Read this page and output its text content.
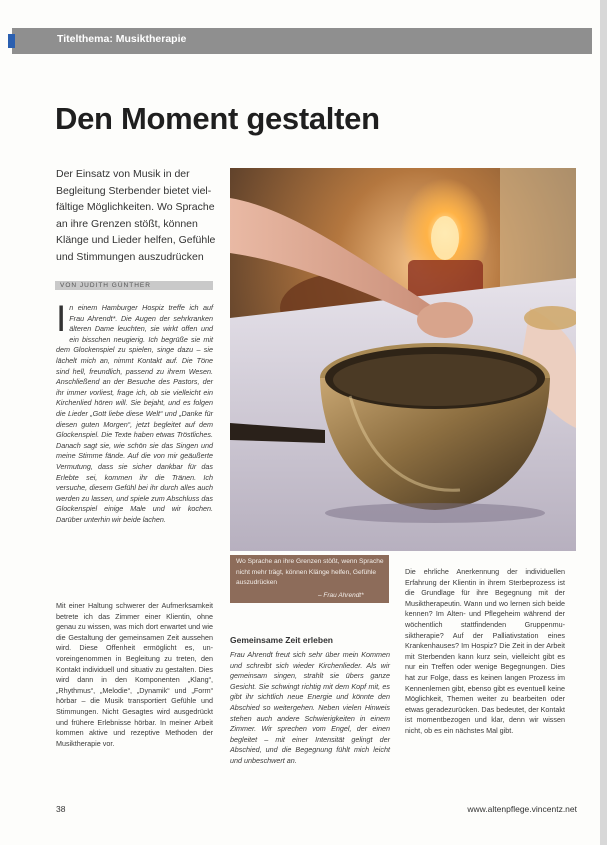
Titelthema: Musiktherapie
Den Moment gestalten
Der Einsatz von Musik in der Begleitung Sterbender bietet vielfältige Möglichkeiten. Wo Sprache an ihre Grenzen stößt, können Klänge und Lieder helfen, Gefühle und Stimmungen auszudrücken
VON JUDITH GÜNTHER

In einem Hamburger Hospiz treffe ich auf Frau Ahrendt*. Die Augen der sehrkranken älteren Dame leuchten, sie wirkt offen und ein bisschen neugierig. Ich begrüße sie mit dem Glockenspiel zu spielen, singe dazu – sie lächelt mich an, nimmt Kontakt auf. Die Töne sind hell, freundlich, passend zu ihrem Wesen. Anschließend an der Besuche des Pastors, der ihr immer vorliest, frage ich, ob sie vielleicht ein Kirchenlied hören will. Sie bejaht, und es folgen die Lieder „Gott liebe diese Welt“ und „Danke für diesen guten Morgen“, jetzt begleitet auf dem Glockenspiel. Die Texte haben etwas Tröstliches. Danach sagt sie, wie schön sie das Singen und meine Stimme fände. Auf die von mir geäußerte Vermutung, dass sie sicher dankbar für das Erlebte sei, kommen ihr die Tränen. Ich versuche, diesem Gefühl bei ihr durch alles auch werden zu lassen, und spiele zum Abschluss das Glockenspiel einige Male und wir kochen. Darüber unterhin wir beide lachen.

Mit einer Haltung schwerer der Aufmerksamkeit betrete ich das Zimmer einer Klientin, ohne genau zu wissen, was mich dort erwartet und wie die Gestaltung der gemeinsamen Zeit aussehen wird. Diese Offenheit ermöglicht es, unvoreingenommen in Begleitung zu treten, den Kontakt individuell und situativ zu gestalten. Dies wird dann in den Komponenten „Klang“, „Rhythmus“, „Melodie“, „Dynamik“ und „Form“ hörbar – die Musik transportiert Gefühle und Stimmungen. Nicht Gesagtes wird ausgedrückt und frühere Erlebnisse hörbar. In meiner Arbeit kommen aktive und rezeptive Methoden der Musiktherapie vor.

Wo Sprache an ihre Grenzen stößt, wenn Sprache nicht mehr trägt, können Klänge helfen, Gefühle auszudrücken
– Frau Ahrendt*
Gemeinsame Zeit erleben

Frau Ahrendt freut sich sehr über mein Kommen und schreibt sich wieder Kirchenlieder. Als wir gemeinsam singen, strahlt sie übers ganze Gesicht. Sie schwingt richtig mit dem Kopf mit, es gibt ihr sichtlich neue Energie und könnte den Abschied so weitergehen. Neben vielen Hinweis stehen auch andere Schwierigkeiten in einem Zimmer. Wir sprechen vom Engel, der einen begleitet – mit einer Intensität gelingt der Abschied, und die Begegnung fühlt mich leicht und unbeschwert an.

Die ehrliche Anerkennung der individuellen Erfahrung der Klientin in ihrem Sterbeprozess ist die Grundlage für ihre Begegnung mit der Musiktherapeutin. Wann und wo lernen sich beide kennen? Im Alten- und Pflegeheim während der wöchentlich stattfindenden Gruppenmusiktherapie? Auf der Palliativstation eines Krankenhauses? Im Hospiz? Die Zeit in der Arbeit mit Sterbenden kann kurz sein, vielleicht gibt es nur ein Treffen oder wenige Begegnungen. Dies hat zur Folge, dass es keinen langen Prozess im Kennenlernen gibt, ebenso gibt es eventuell keine Möglichkeit, Themen weiter zu bearbeiten oder etwas geradezurücken. Das bedeutet, der Kontakt ist momentbezogen und klar, denn wir wissen nicht, ob es ein nächstes Mal gibt.

38	www.altenpflege.vincentz.net
